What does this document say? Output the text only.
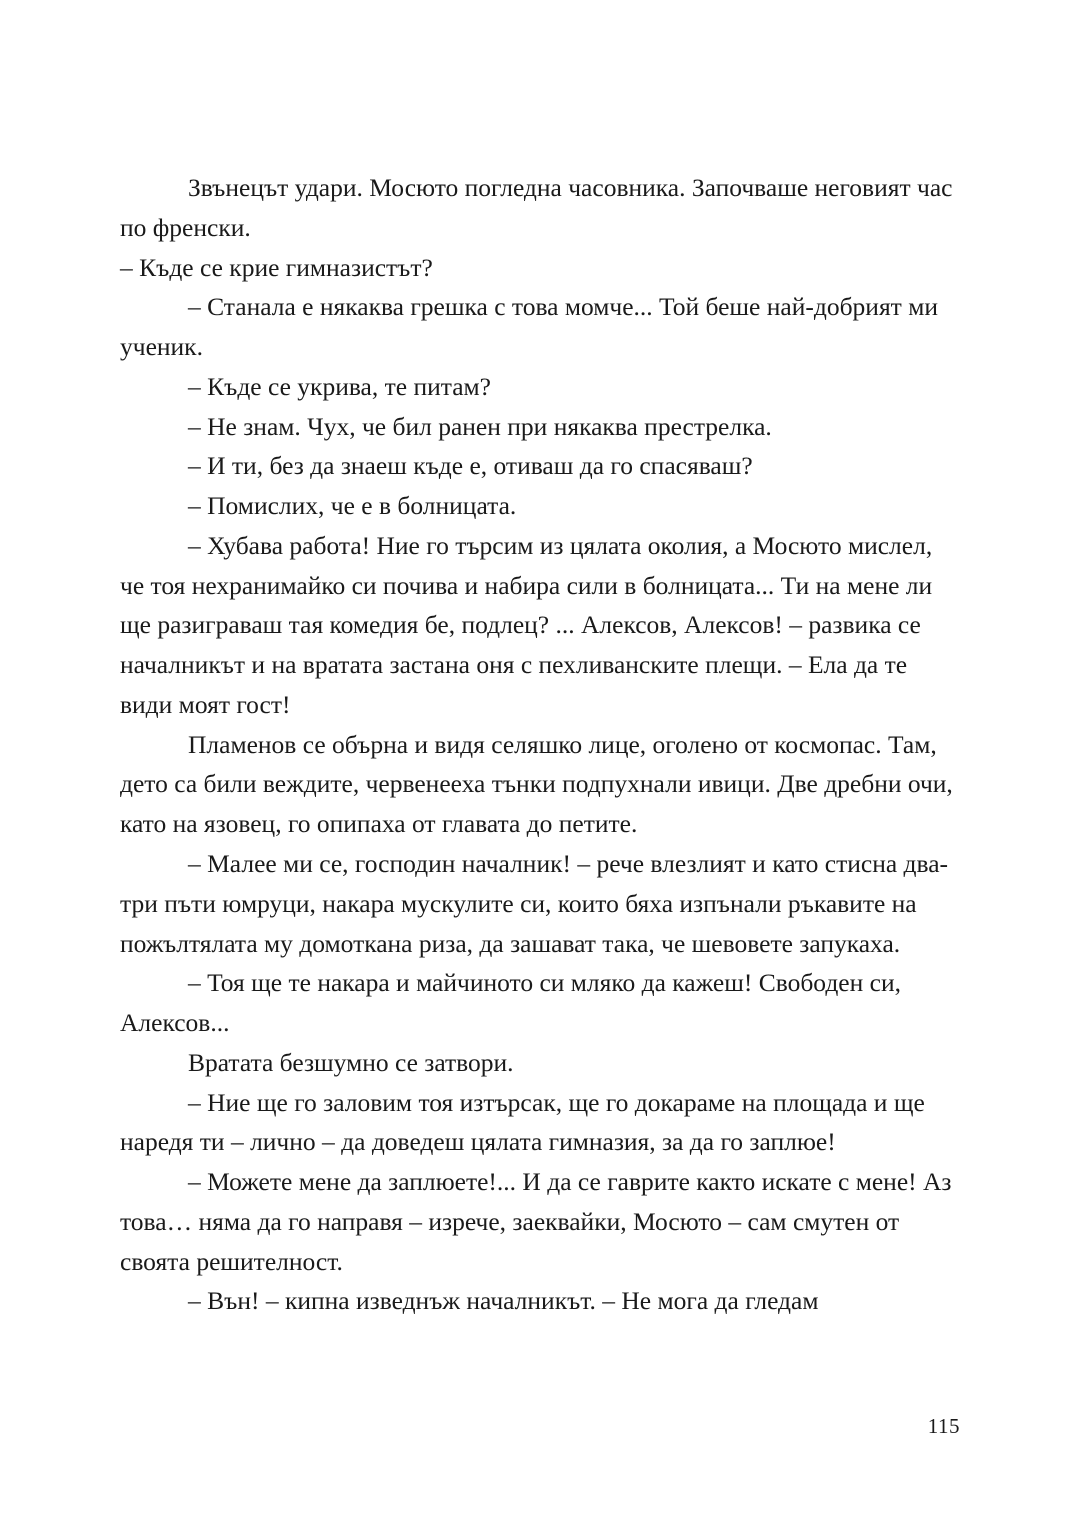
Звънецът удари. Мосюто погледна часовника. Започваше неговият час по френски.

– Къде се крие гимназистът?

– Станала е някаква грешка с това момче... Той беше най-добрият ми ученик.

– Къде се укрива, те питам?

– Не знам. Чух, че бил ранен при някаква престрелка.

– И ти, без да знаеш къде е, отиваш да го спасяваш?

– Помислих, че е в болницата.

– Хубава работа! Ние го търсим из цялата околия, а Мосюто мислел, че тоя нехранимайко си почива и набира сили в болницата... Ти на мене ли ще разиграваш тая комедия бе, подлец? ... Алексов, Алексов! – развика се началникът и на вратата застана оня с пехливанските плещи. – Ела да те види моят гост!

Пламенов се обърна и видя селяшко лице, оголено от космопас. Там, дето са били веждите, червенееха тънки подпухнали ивици. Две дребни очи, като на язовец, го опипаха от главата до петите.

– Малее ми се, господин началник! – рече влезлият и като стисна два-три пъти юмруци, накара мускулите си, които бяха изпънали ръкавите на пожълтялата му домоткана риза, да зашават така, че шевовете запукаха.

– Тоя ще те накара и майчиното си мляко да кажеш! Свободен си, Алексов...

Вратата безшумно се затвори.

– Ние ще го заловим тоя изтърсак, ще го докараме на площада и ще наредя ти – лично – да доведеш цялата гимназия, за да го заплюе!

– Можете мене да заплюете!... И да се гаврите както искате с мене! Аз това… няма да го направя – изрече, заеквайки, Мосюто – сам смутен от своята решителност.

– Вън! – кипна изведнъж началникът. – Не мога да гледам

115
